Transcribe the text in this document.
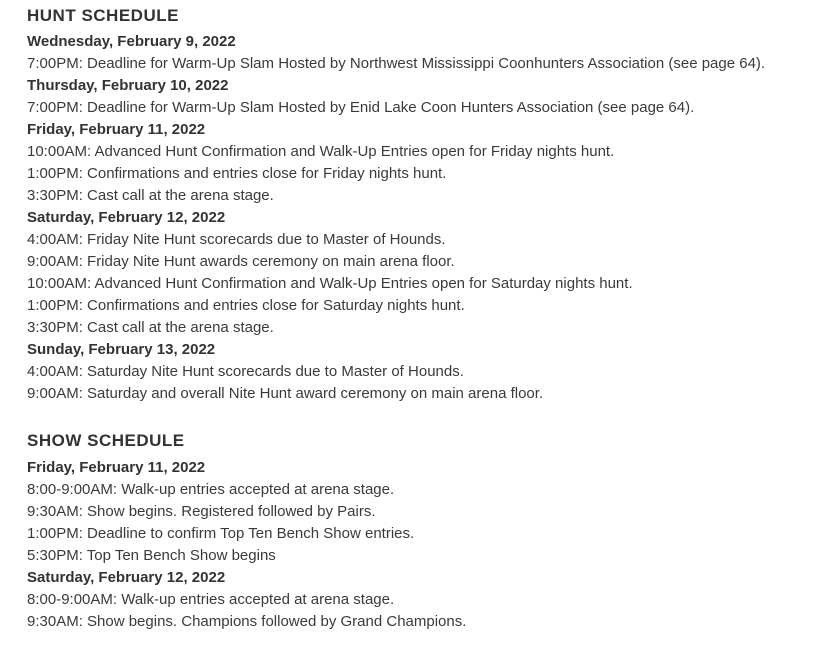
HUNT SCHEDULE
Wednesday, February 9, 2022
7:00PM: Deadline for Warm-Up Slam Hosted by Northwest Mississippi Coonhunters Association (see page 64).
Thursday, February 10, 2022
7:00PM: Deadline for Warm-Up Slam Hosted by Enid Lake Coon Hunters Association (see page 64).
Friday, February 11, 2022
10:00AM: Advanced Hunt Confirmation and Walk-Up Entries open for Friday nights hunt.
1:00PM: Confirmations and entries close for Friday nights hunt.
3:30PM: Cast call at the arena stage.
Saturday, February 12, 2022
4:00AM: Friday Nite Hunt scorecards due to Master of Hounds.
9:00AM: Friday Nite Hunt awards ceremony on main arena floor.
10:00AM: Advanced Hunt Confirmation and Walk-Up Entries open for Saturday nights hunt.
1:00PM: Confirmations and entries close for Saturday nights hunt.
3:30PM: Cast call at the arena stage.
Sunday, February 13, 2022
4:00AM: Saturday Nite Hunt scorecards due to Master of Hounds.
9:00AM: Saturday and overall Nite Hunt award ceremony on main arena floor.
SHOW SCHEDULE
Friday, February 11, 2022
8:00-9:00AM: Walk-up entries accepted at arena stage.
9:30AM: Show begins. Registered followed by Pairs.
1:00PM: Deadline to confirm Top Ten Bench Show entries.
5:30PM: Top Ten Bench Show begins
Saturday, February 12, 2022
8:00-9:00AM: Walk-up entries accepted at arena stage.
9:30AM: Show begins. Champions followed by Grand Champions.
